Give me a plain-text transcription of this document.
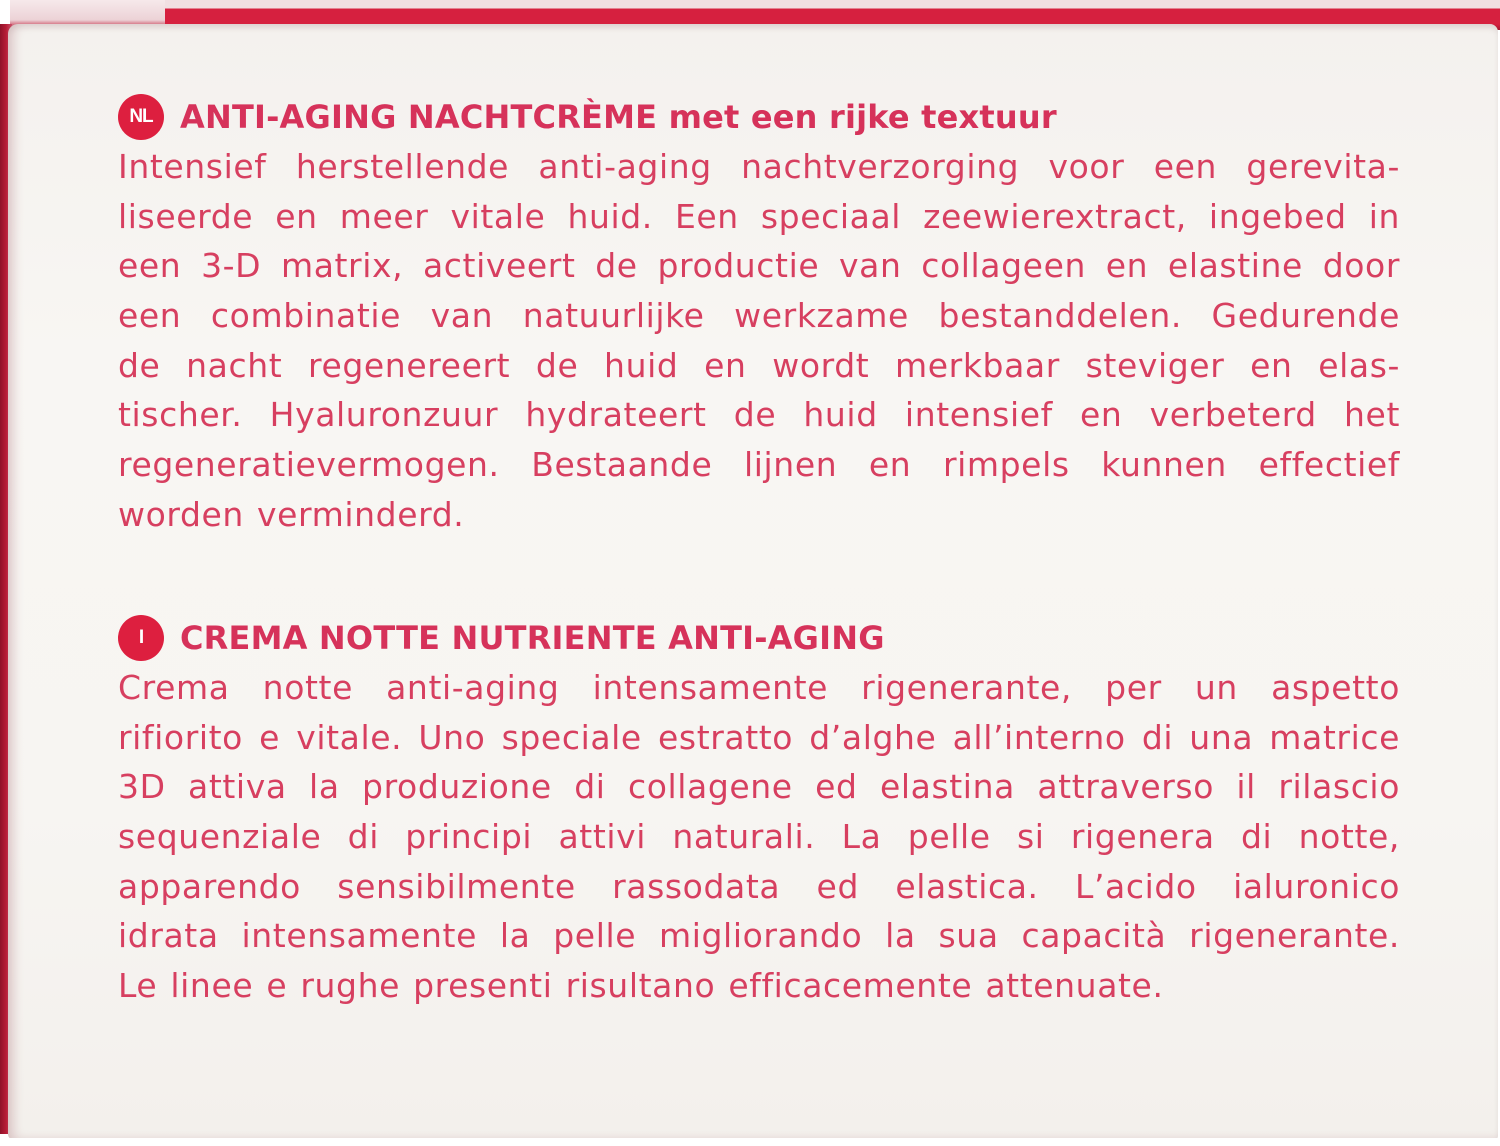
NL ANTI-AGING NACHTCRÈME met een rijke textuur
Intensief herstellende anti-aging nachtverzorging voor een gerevita-
liseerde en meer vitale huid. Een speciaal zeewierextract, ingebed in
een 3-D matrix, activeert de productie van collageen en elastine door
een combinatie van natuurlijke werkzame bestanddelen. Gedurende
de nacht regenereert de huid en wordt merkbaar steviger en elas-
tischer. Hyaluronzuur hydrateert de huid intensief en verbeterd het
regeneratievermogen. Bestaande lijnen en rimpels kunnen effectief
worden verminderd.
I	CREMA NOTTE NUTRIENTE ANTI-AGING
Crema notte anti-aging intensamente rigenerante, per un aspetto
rifiorito e vitale. Uno speciale estratto d’alghe all’interno di una matrice
3D attiva la produzione di collagene ed elastina attraverso il rilascio
sequenziale di principi attivi naturali. La pelle si rigenera di notte,
apparendo sensibilmente rassodata ed elastica. L’acido ialuronico
idrata intensamente la pelle migliorando la sua capacità rigenerante.
Le linee e rughe presenti risultano efficacemente attenuate.
